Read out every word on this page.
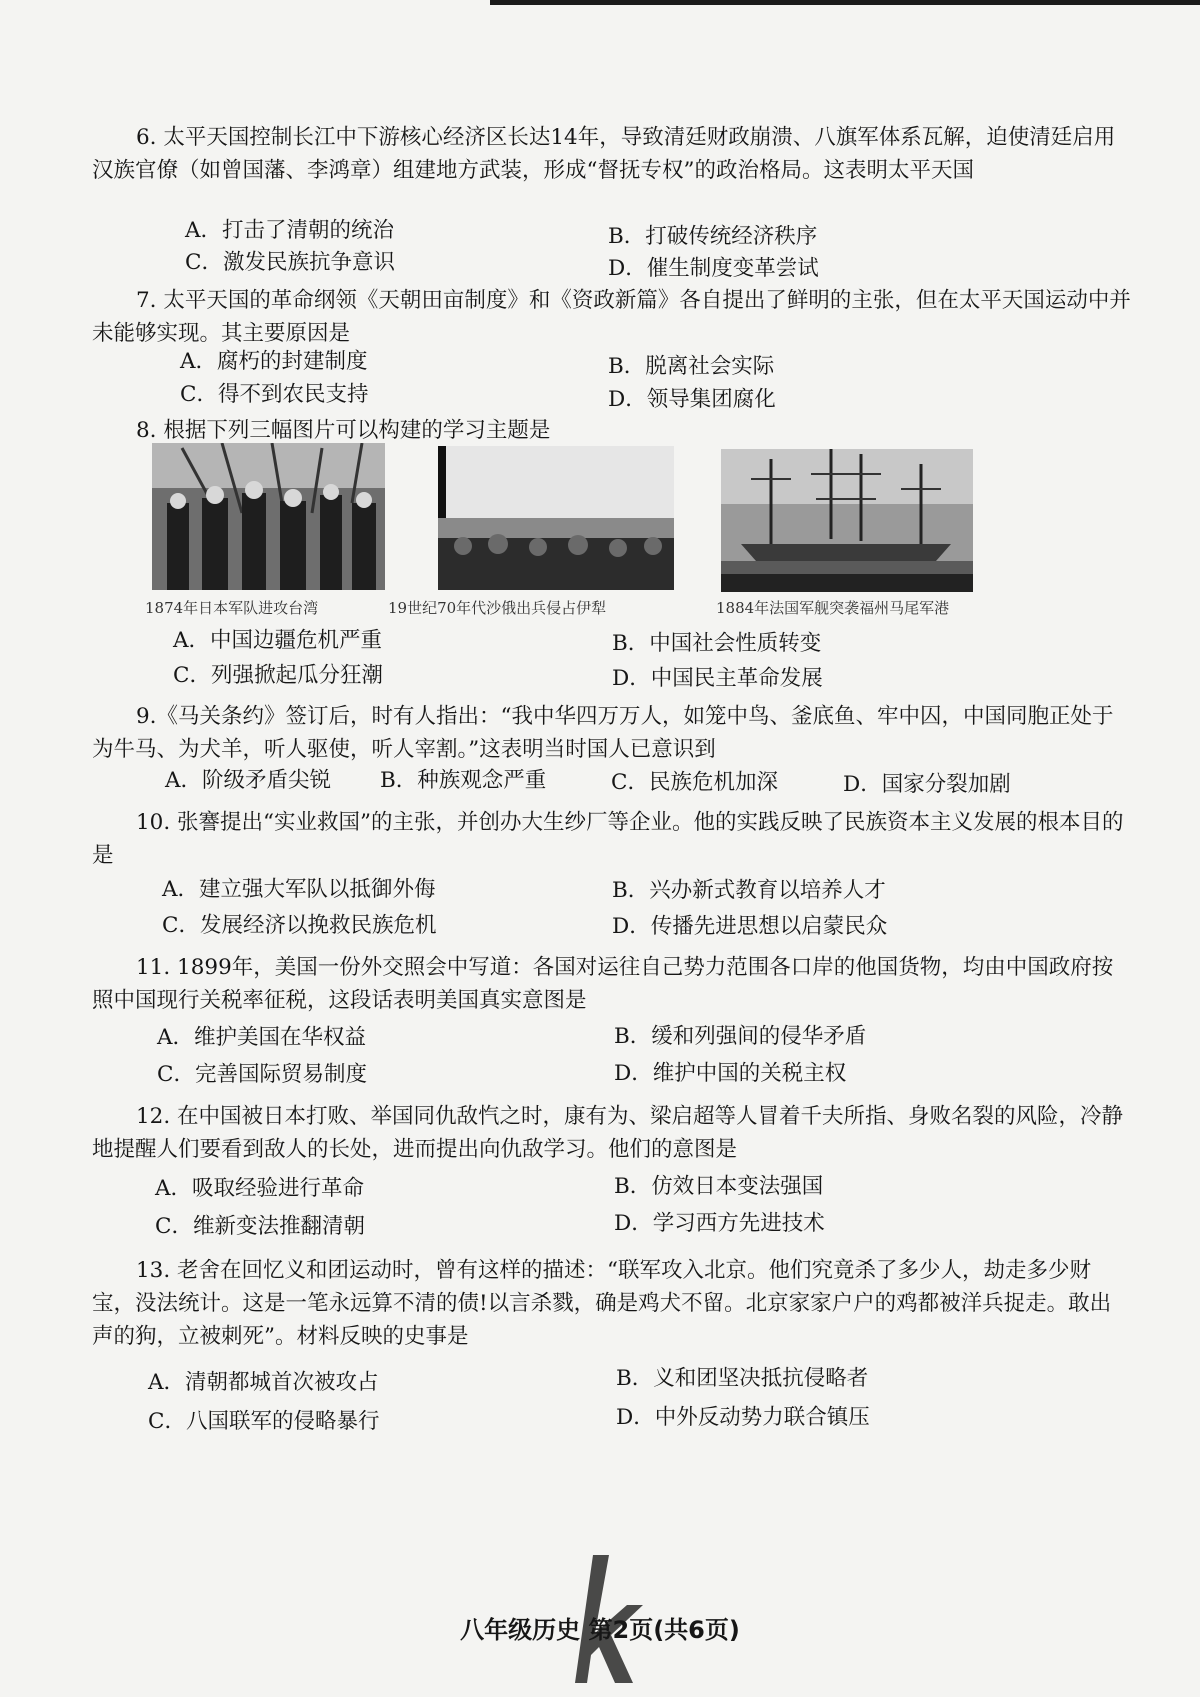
6. 太平天国控制长江中下游核心经济区长达14年，导致清廷财政崩溃、八旗军体系瓦解，迫使清廷启用汉族官僚（如曾国藩、李鸿章）组建地方武装，形成“督抚专权”的政治格局。这表明太平天国
A．打击了清朝的统治	B．打破传统经济秩序
C．激发民族抗争意识	D．催生制度变革尝试
7. 太平天国的革命纲领《天朝田亩制度》和《资政新篇》各自提出了鲜明的主张，但在太平天国运动中并未能够实现。其主要原因是
A．腐朽的封建制度	B．脱离社会实际
C．得不到农民支持	D．领导集团腐化
8. 根据下列三幅图片可以构建的学习主题是
1874年日本军队进攻台湾	19世纪70年代沙俄出兵侵占伊犁	1884年法国军舰突袭福州马尾军港
A．中国边疆危机严重	B．中国社会性质转变
C．列强掀起瓜分狂潮	D．中国民主革命发展
9.《马关条约》签订后，时有人指出：“我中华四万万人，如笼中鸟、釜底鱼、牢中囚，中国同胞正处于为牛马、为犬羊，听人驱使，听人宰割。”这表明当时国人已意识到
A．阶级矛盾尖锐 B．种族观念严重	C．民族危机加深	D．国家分裂加剧
10. 张謇提出“实业救国”的主张，并创办大生纱厂等企业。他的实践反映了民族资本主义发展的根本目的是
A．建立强大军队以抵御外侮	B．兴办新式教育以培养人才
C．发展经济以挽救民族危机	D．传播先进思想以启蒙民众
11. 1899年，美国一份外交照会中写道：各国对运往自己势力范围各口岸的他国货物，均由中国政府按照中国现行关税率征税，这段话表明美国真实意图是
A．维护美国在华权益	B．缓和列强间的侵华矛盾
C．完善国际贸易制度	D．维护中国的关税主权
12. 在中国被日本打败、举国同仇敌忾之时，康有为、梁启超等人冒着千夫所指、身败名裂的风险，冷静地提醒人们要看到敌人的长处，进而提出向仇敌学习。他们的意图是
A．吸取经验进行革命	B．仿效日本变法强国
C．维新变法推翻清朝	D．学习西方先进技术
13. 老舍在回忆义和团运动时，曾有这样的描述：“联军攻入北京。他们究竟杀了多少人，劫走多少财宝，没法统计。这是一笔永远算不清的债!以言杀戮，确是鸡犬不留。北京家家户户的鸡都被洋兵捉走。敢出声的狗，立被刺死”。材料反映的史事是
A．清朝都城首次被攻占	B．义和团坚决抵抗侵略者
C．八国联军的侵略暴行	D．中外反动势力联合镇压
八年级历史 第2页(共6页)
